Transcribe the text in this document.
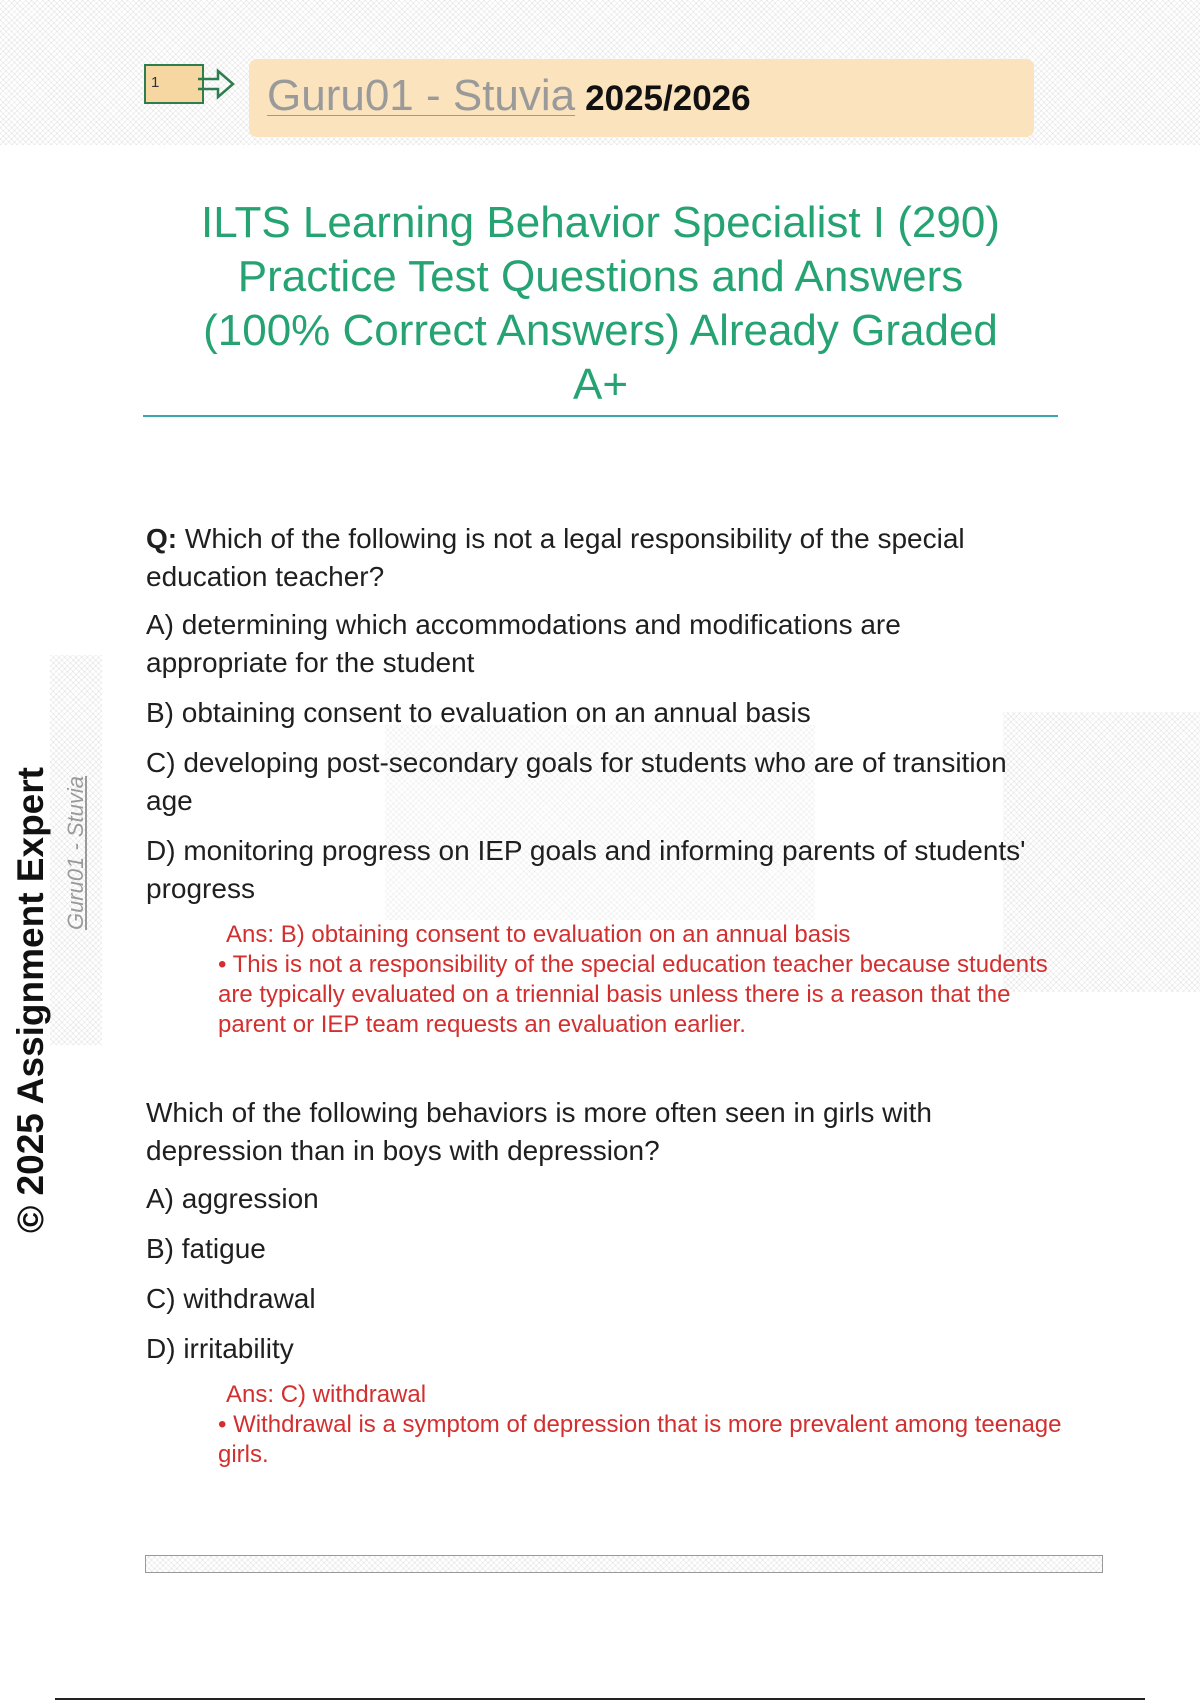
1	Guru01 - Stuvia 2025/2026
ILTS Learning Behavior Specialist I (290)
Practice Test Questions and Answers
(100% Correct Answers) Already Graded
A+
© 2025 Assignment Expert Guru01 - Stuvia

Q: Which of the following is not a legal responsibility of the special education teacher?

A) determining which accommodations and modifications are appropriate for the student

B) obtaining consent to evaluation on an annual basis

C) developing post-secondary goals for students who are of transition age

D) monitoring progress on IEP goals and informing parents of students' progress

Ans: B) obtaining consent to evaluation on an annual basis

• This is not a responsibility of the special education teacher because students are typically evaluated on a triennial basis unless there is a reason that the parent or IEP team requests an evaluation earlier.

Which of the following behaviors is more often seen in girls with depression than in boys with depression?

A) aggression

B) fatigue

C) withdrawal

D) irritability

Ans: C) withdrawal

• Withdrawal is a symptom of depression that is more prevalent among teenage girls.
